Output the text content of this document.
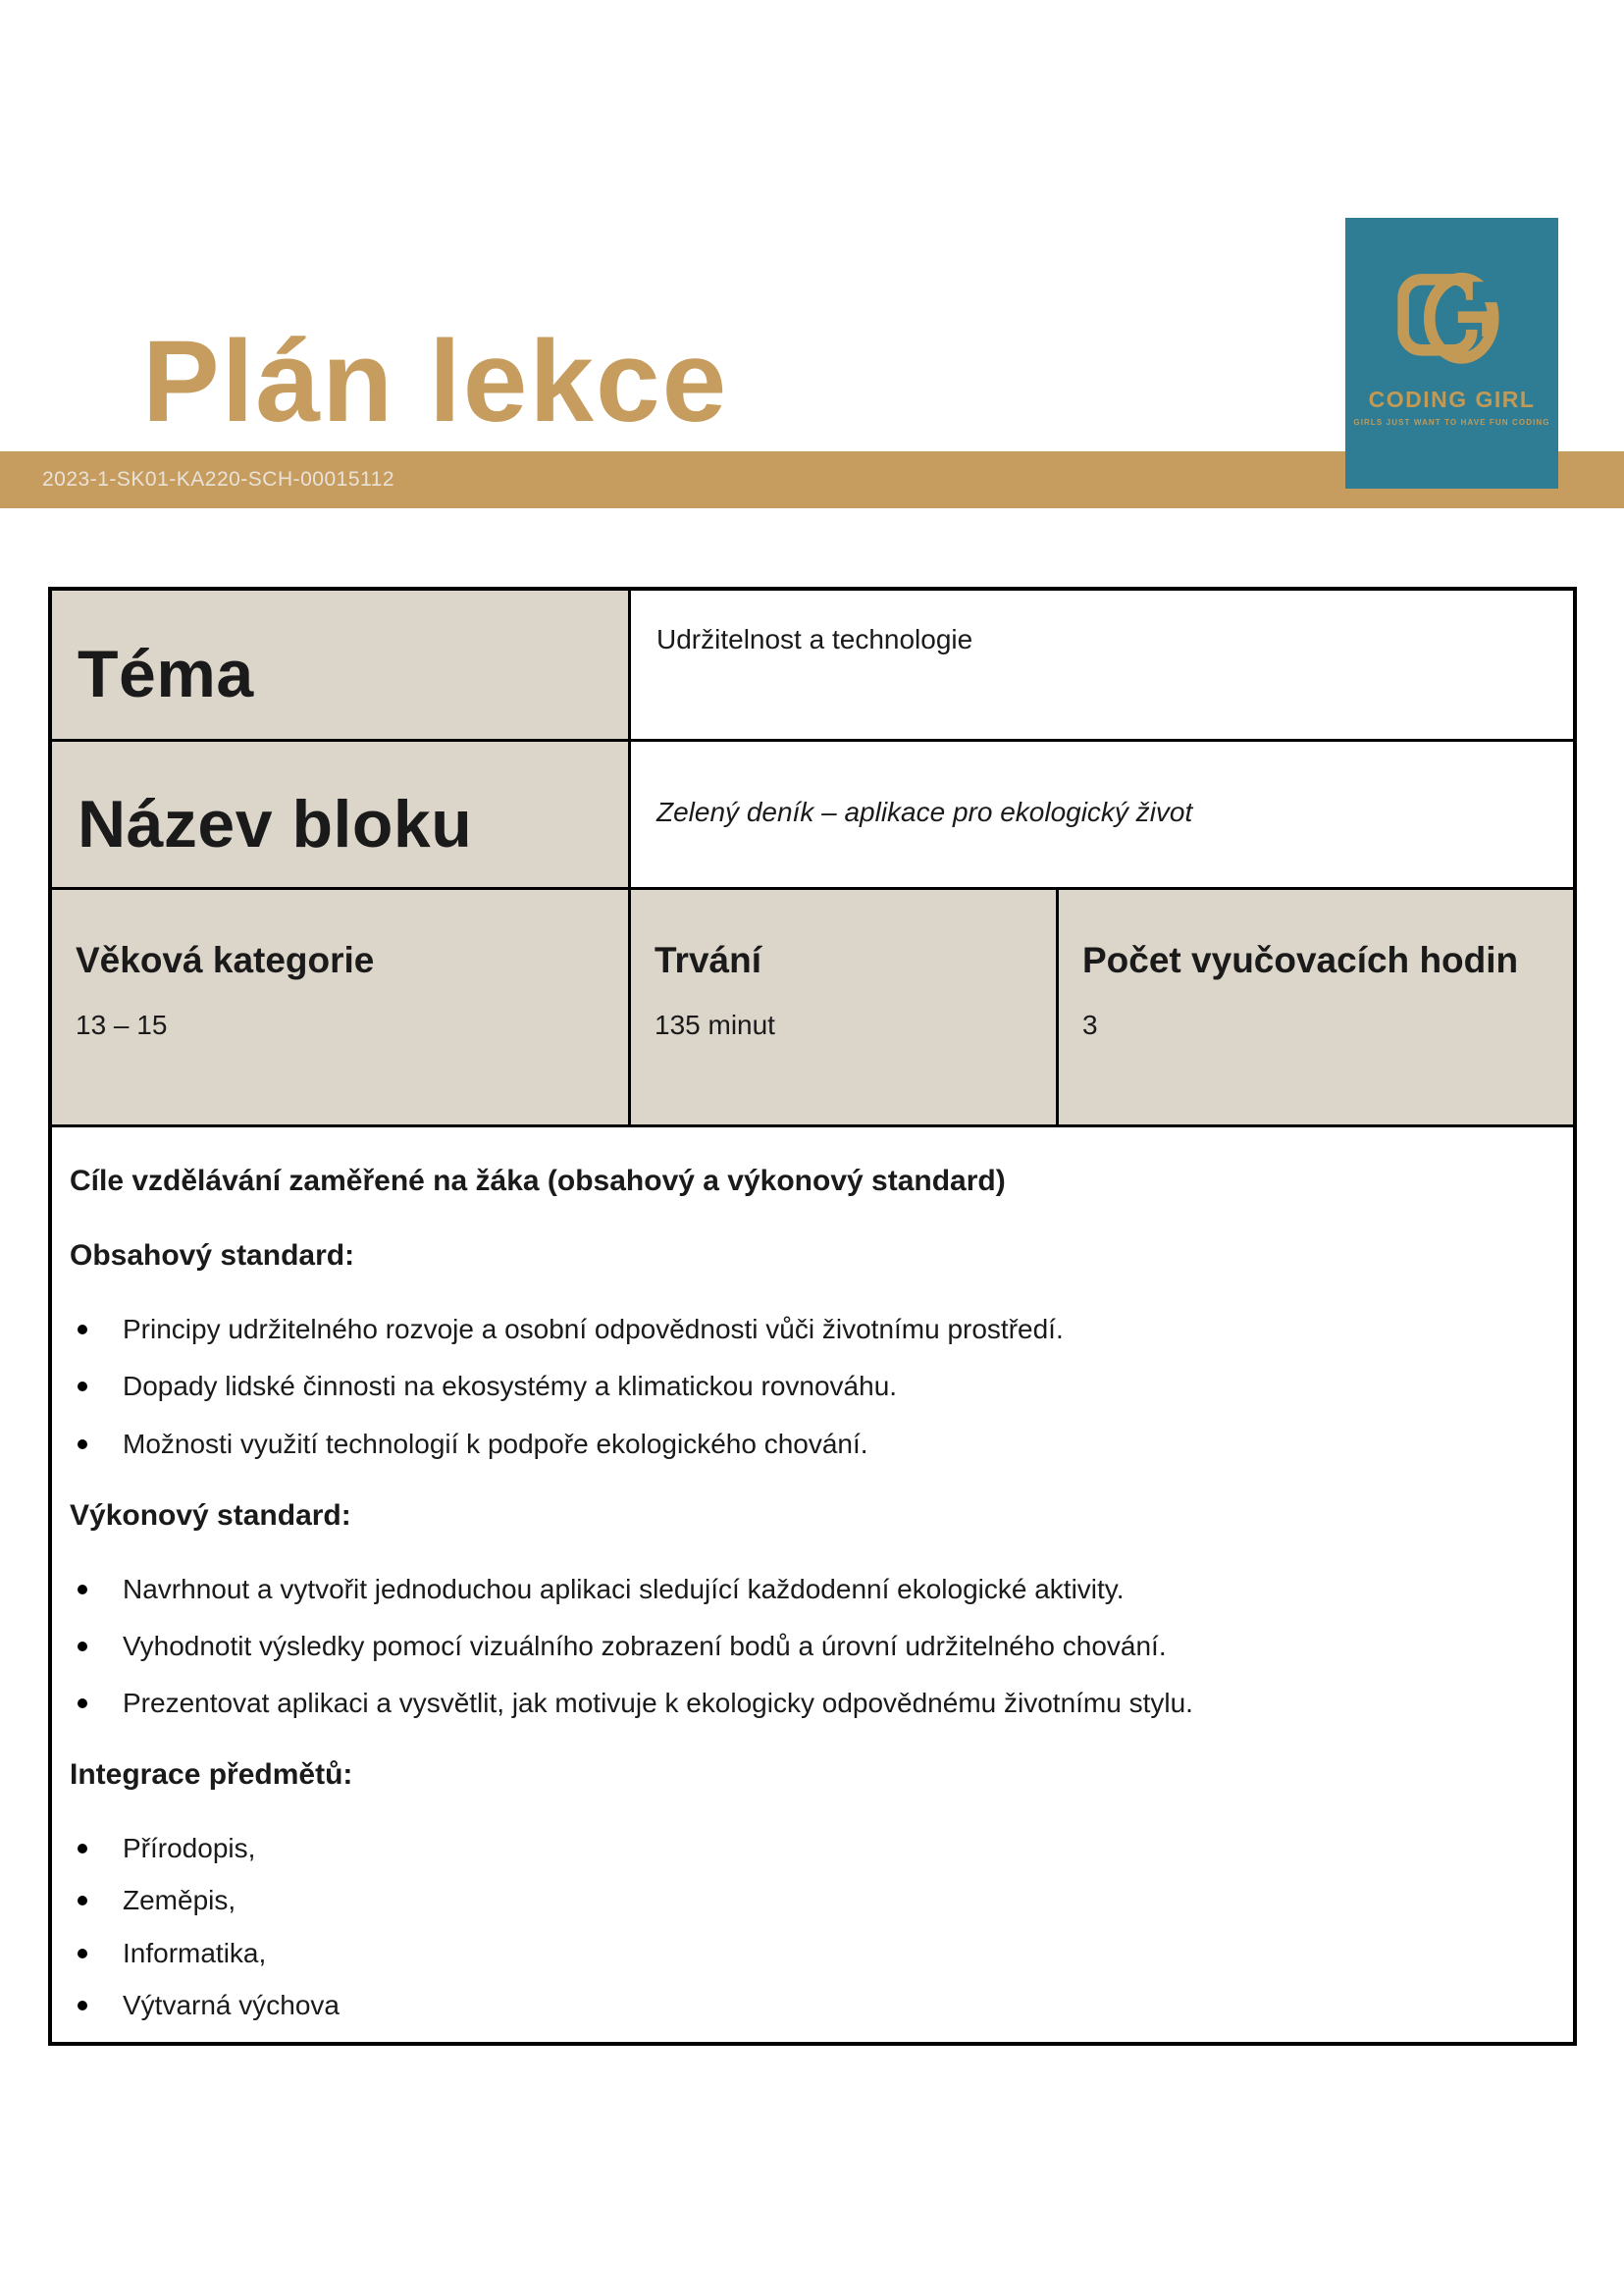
Plán lekce
2023-1-SK01-KA220-SCH-00015112
CODING GIRL
GIRLS JUST WANT TO HAVE FUN CODING
Téma	Udržitelnost a technologie
Název bloku	Zelený deník – aplikace pro ekologický život
Věková kategorie
13 – 15
Trvání
135 minut
Počet vyučovacích hodin
3
Cíle vzdělávání zaměřené na žáka (obsahový a výkonový standard)
Obsahový standard:
Principy udržitelného rozvoje a osobní odpovědnosti vůči životnímu prostředí.
Dopady lidské činnosti na ekosystémy a klimatickou rovnováhu.
Možnosti využití technologií k podpoře ekologického chování.
Výkonový standard:
Navrhnout a vytvořit jednoduchou aplikaci sledující každodenní ekologické aktivity.
Vyhodnotit výsledky pomocí vizuálního zobrazení bodů a úrovní udržitelného chování.
Prezentovat aplikaci a vysvětlit, jak motivuje k ekologicky odpovědnému životnímu stylu.
Integrace předmětů:
Přírodopis,
Zeměpis,
Informatika,
Výtvarná výchova
